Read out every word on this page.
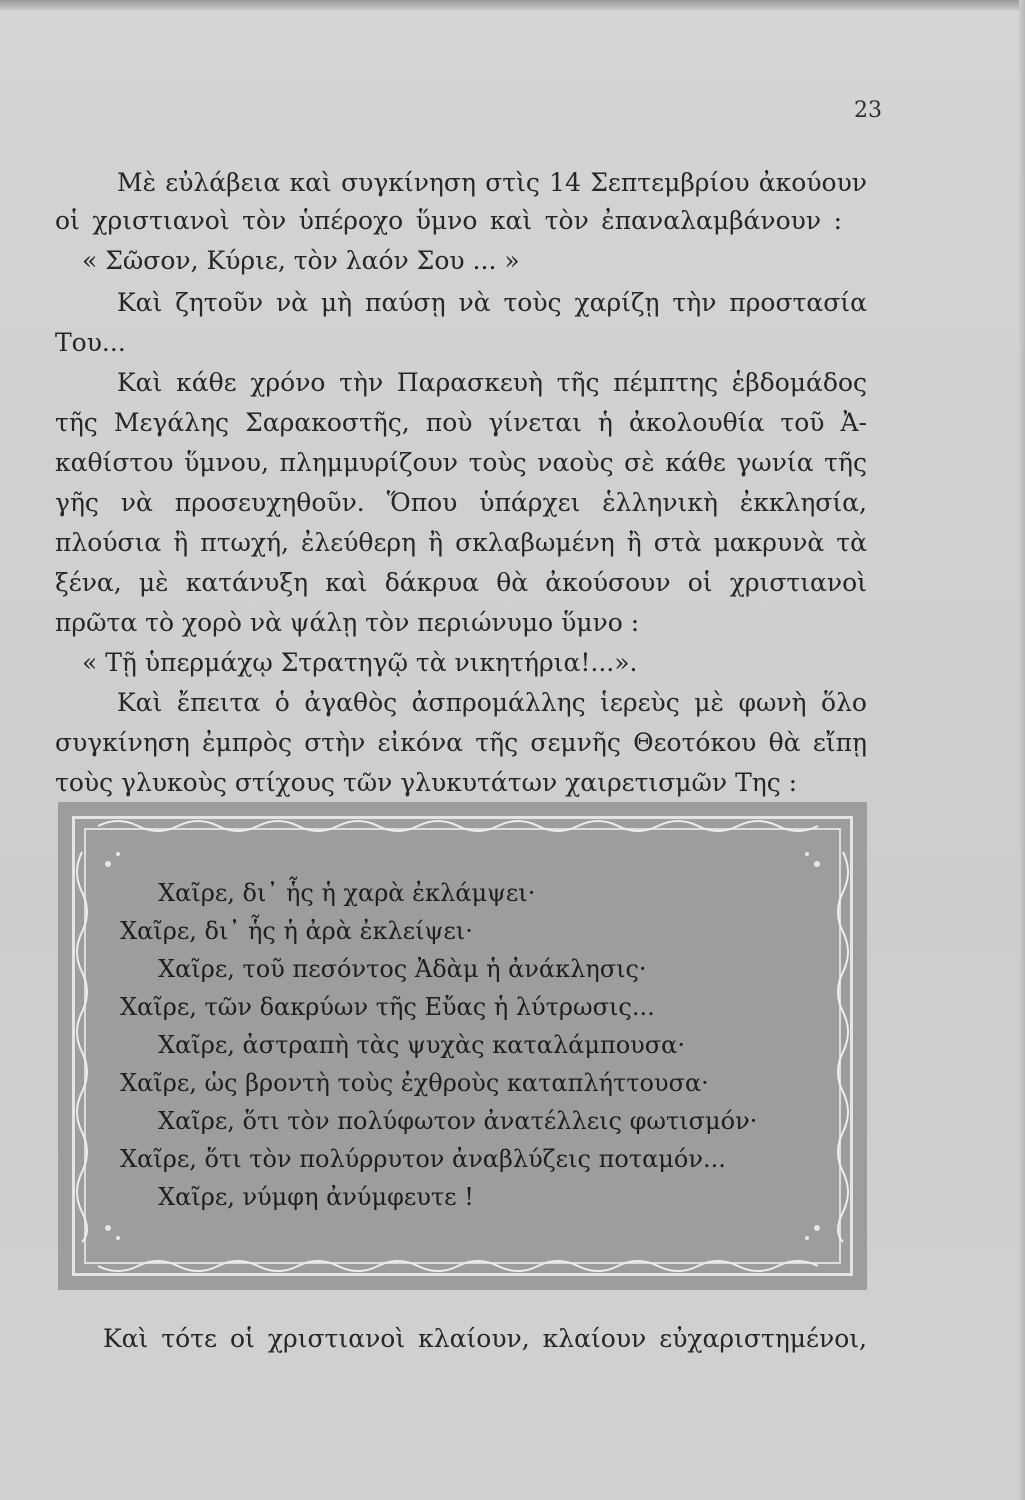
23
Μὲ εὐλάβεια καὶ συγκίνηση στὶς 14 Σεπτεμβρίου ἀκούουν
οἱ χριστιανοὶ τὸν ὑπέροχο ὕμνο καὶ τὸν ἐπαναλαμβάνουν :
« Σῶσον, Κύριε, τὸν λαόν Σου ... »
Καὶ ζητοῦν νὰ μὴ παύσῃ νὰ τοὺς χαρίζῃ τὴν προστασία
Του...
Καὶ κάθε χρόνο τὴν Παρασκευὴ τῆς πέμπτης ἑβδομάδος
τῆς Μεγάλης Σαρακοστῆς, ποὺ γίνεται ἡ ἀκολουθία τοῦ Ἀ-
καθίστου ὕμνου, πλημμυρίζουν τοὺς ναοὺς σὲ κάθε γωνία τῆς
γῆς νὰ προσευχηθοῦν. Ὅπου ὑπάρχει ἑλληνικὴ ἐκκλησία,
πλούσια ἢ πτωχή, ἐλεύθερη ἢ σκλαβωμένη ἢ στὰ μακρυνὰ τὰ
ξένα, μὲ κατάνυξη καὶ δάκρυα θὰ ἀκούσουν οἱ χριστιανοὶ
πρῶτα τὸ χορὸ νὰ ψάλῃ τὸν περιώνυμο ὕμνο :
« Τῇ ὑπερμάχῳ Στρατηγῷ τὰ νικητήρια!...».
Καὶ ἔπειτα ὁ ἀγαθὸς ἀσπρομάλλης ἱερεὺς μὲ φωνὴ ὅλο
συγκίνηση ἐμπρὸς στὴν εἰκόνα τῆς σεμνῆς Θεοτόκου θὰ εἴπῃ
τοὺς γλυκοὺς στίχους τῶν γλυκυτάτων χαιρετισμῶν Της :
Χαῖρε, δι᾿ ἧς ἡ χαρὰ ἐκλάμψει·
Χαῖρε, δι᾿ ἧς ἡ ἀρὰ ἐκλείψει·
Χαῖρε, τοῦ πεσόντος Ἀδὰμ ἡ ἀνάκλησις·
Χαῖρε, τῶν δακρύων τῆς Εὔας ἡ λύτρωσις...
Χαῖρε, ἀστραπὴ τὰς ψυχὰς καταλάμπουσα·
Χαῖρε, ὡς βροντὴ τοὺς ἐχθροὺς καταπλήττουσα·
Χαῖρε, ὅτι τὸν πολύφωτον ἀνατέλλεις φωτισμόν·
Χαῖρε, ὅτι τὸν πολύρρυτον ἀναβλύζεις ποταμόν...
Χαῖρε, νύμφη ἀνύμφευτε !
Καὶ τότε οἱ χριστιανοὶ κλαίουν, κλαίουν εὐχαριστημένοι,
